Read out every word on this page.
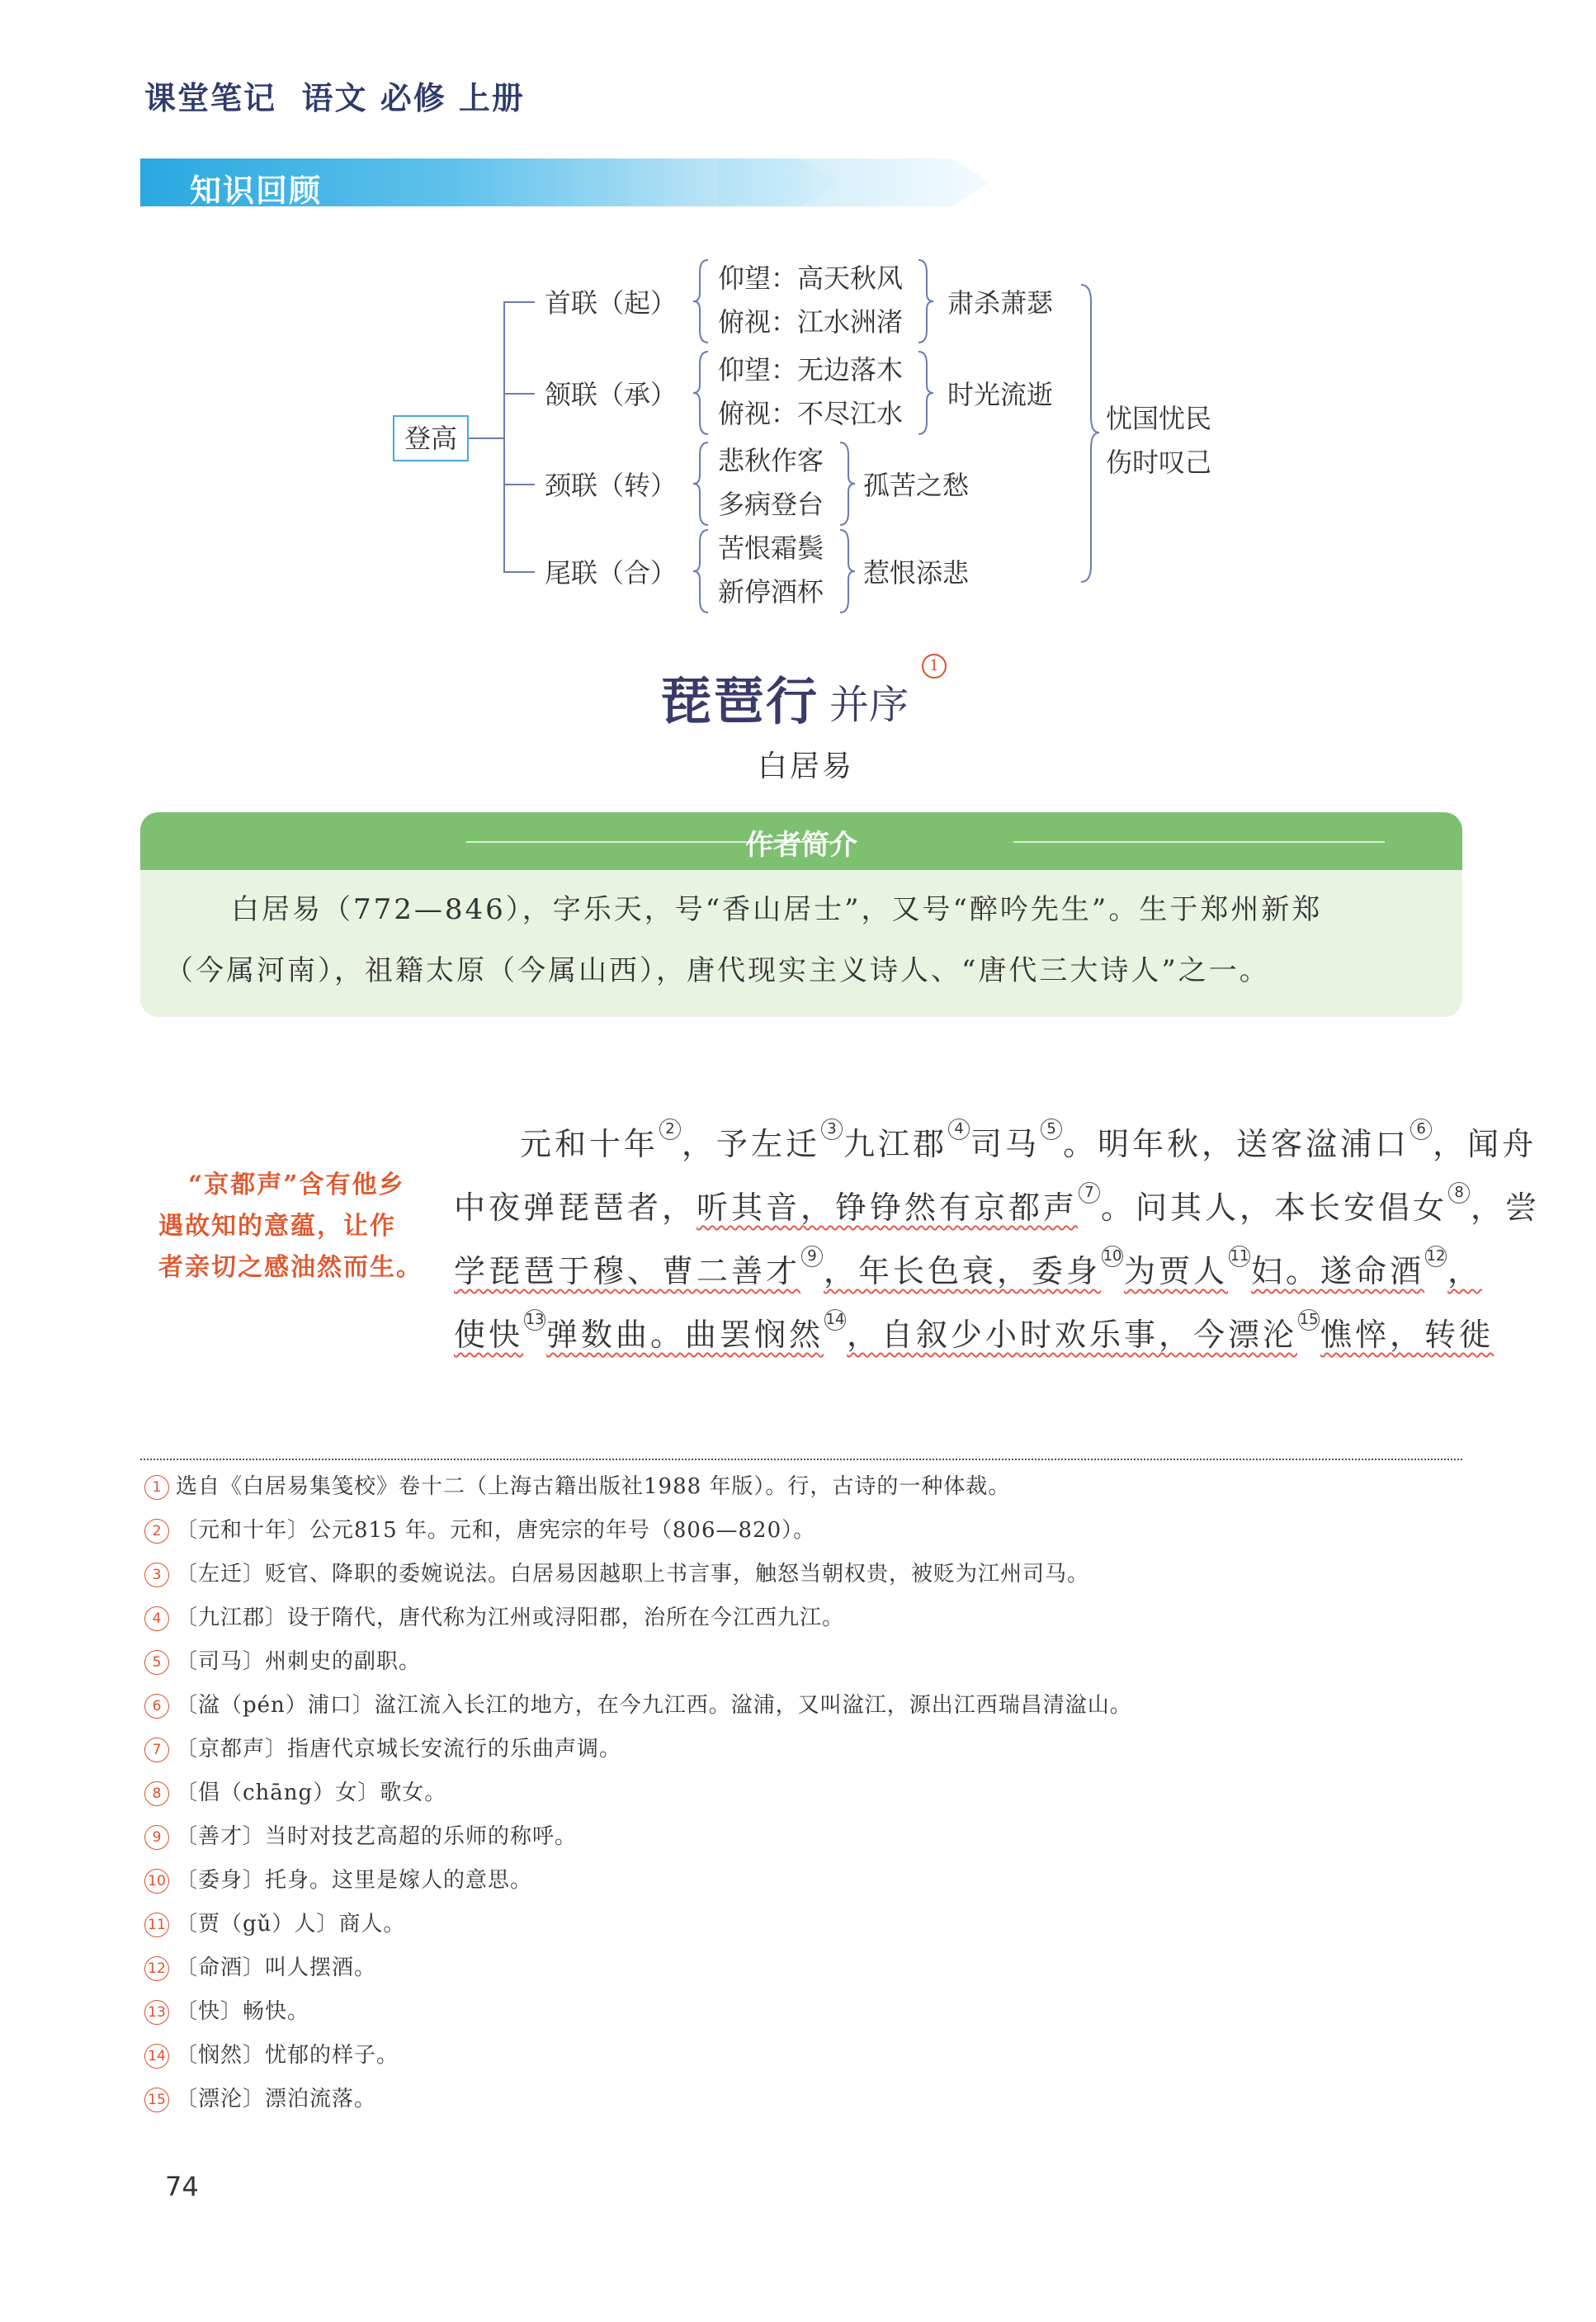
课堂笔记  语文 必修 上册
知识回顾
登高
首联（起）
颔联（承）
颈联（转）
尾联（合）
仰望：高天秋风
俯视：江水洲渚
仰望：无边落木
俯视：不尽江水
悲秋作客
多病登台
苦恨霜鬓
新停酒杯
肃杀萧瑟
时光流逝
孤苦之愁
惹恨添悲
忧国忧民
伤时叹己
琵琶行 并序
1
白居易
作者简介
白居易（772—846），字乐天，号“香山居士”，又号“醉吟先生”。生于郑州新郑
（今属河南），祖籍太原（今属山西），唐代现实主义诗人、“唐代三大诗人”之一。
“京都声”含有他乡
遇故知的意蕴，让作
者亲切之感油然而生。
元和十年 $^2$ ，予左迁 $^3$ 九江郡 $^4$ 司马 $^5$ 。明年秋，送客湓浦口 $^6$ ，闻舟
中夜弹琵琶者，听其音，铮铮然有京都声 $^7$ 。问其人，本长安倡女 $^8$ ，尝
学琵琶于穆、曹二善才 $^9$ ，年长色衰，委身 $^{10}$为贾人 $^{11}$妇。遂命酒 $^{12}$，
使快 $^{13}$弹数曲。曲罢悯然 $^{14}$，自叙少小时欢乐事，今漂沦 $^{15}$憔悴，转徙
1 选自《白居易集笺校》卷十二（上海古籍出版社1988 年版）。行，古诗的一种体裁。
2 〔元和十年〕公元815 年。元和，唐宪宗的年号（806—820）。
3 〔左迁〕贬官、降职的委婉说法。白居易因越职上书言事，触怒当朝权贵，被贬为江州司马。
4 〔九江郡〕设于隋代，唐代称为江州或浔阳郡，治所在今江西九江。
5 〔司马〕州刺史的副职。
6 〔湓（pén）浦口〕湓江流入长江的地方，在今九江西。湓浦，又叫湓江，源出江西瑞昌清湓山。
7 〔京都声〕指唐代京城长安流行的乐曲声调。
8 〔倡（chāng）女〕歌女。
9 〔善才〕当时对技艺高超的乐师的称呼。
10 〔委身〕托身。这里是嫁人的意思。
11 〔贾（gǔ）人〕商人。
12 〔命酒〕叫人摆酒。
13 〔快〕畅快。
14 〔悯然〕忧郁的样子。
15 〔漂沦〕漂泊流落。
74
